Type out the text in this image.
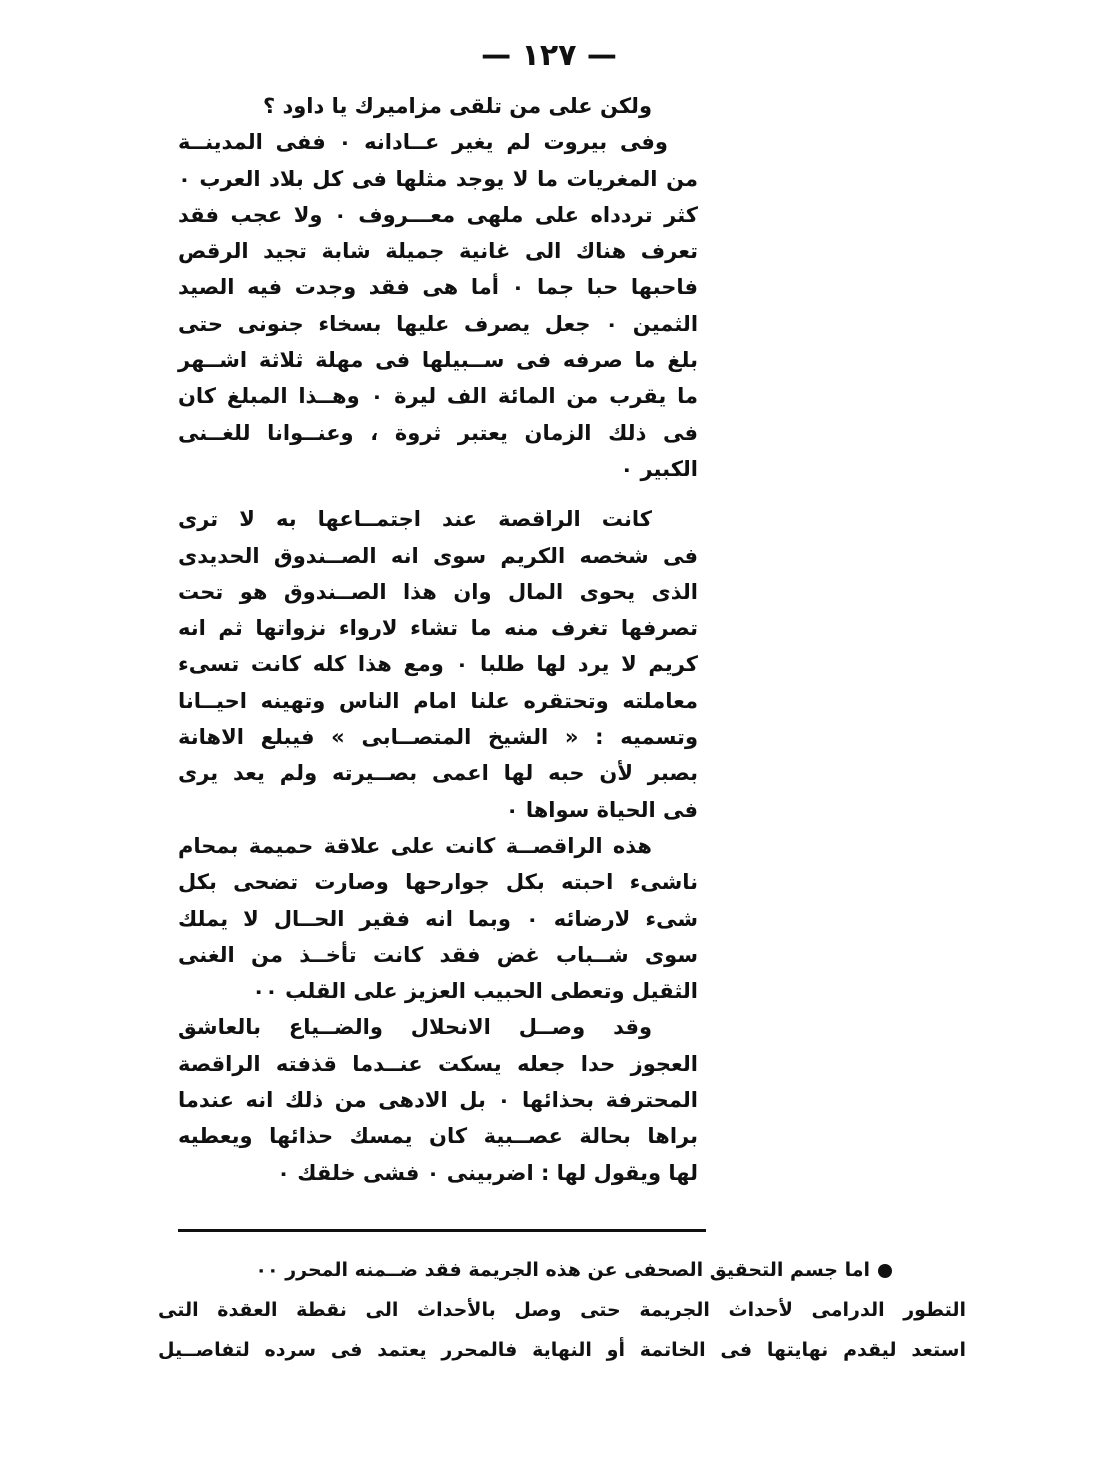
— ١٢٧ —
ولكن على من تلقى مزاميرك يا داود ؟
وفى بيروت لم يغير عــادانه ٠ ففى المدينــة
من المغريات ما لا يوجد مثلها فى كل بلاد العرب ٠
كثر تردداه على ملهى معـــروف ٠ ولا عجب فقد
تعرف هناك الى غانية جميلة شابة تجيد الرقص
فاحبها حبا جما ٠ أما هى فقد وجدت فيه الصيد
الثمين ٠ جعل يصرف عليها بسخاء جنونى حتى
بلغ ما صرفه فى ســبيلها فى مهلة ثلاثة اشــهر
ما يقرب من المائة الف ليرة ٠ وهــذا المبلغ كان
فى ذلك الزمان يعتبر ثروة ، وعنــوانا للغــنى
الكبير ٠
كانت الراقصة عند اجتمــاعها به لا ترى
فى شخصه الكريم سوى انه الصــندوق الحديدى
الذى يحوى المال وان هذا الصــندوق هو تحت
تصرفها تغرف منه ما تشاء لارواء نزواتها ثم انه
كريم لا يرد لها طلبا ٠ ومع هذا كله كانت تسىء
معاملته وتحتقره علنا امام الناس وتهينه احيــانا
وتسميه : « الشيخ المتصــابى » فيبلع الاهانة
بصبر لأن حبه لها اعمى بصــيرته ولم يعد يرى
فى الحياة سواها ٠
هذه الراقصــة كانت على علاقة حميمة بمحام
ناشىء احبته بكل جوارحها وصارت تضحى بكل
شىء لارضائه ٠ وبما انه فقير الحــال لا يملك
سوى شــباب غض فقد كانت تأخــذ من الغنى
الثقيل وتعطى الحبيب العزيز على القلب ٠٠
وقد وصــل الانحلال والضــياع بالعاشق
العجوز حدا جعله يسكت عنــدما قذفته الراقصة
المحترفة بحذائها ٠ بل الادهى من ذلك انه عندما
براها بحالة عصــبية كان يمسك حذائها ويعطيه
لها ويقول لها : اضربينى ٠ فشى خلقك ٠
اما جسم التحقيق الصحفى عن هذه الجريمة فقد ضــمنه المحرر ٠٠
التطور الدرامى لأحداث الجريمة حتى وصل بالأحداث الى نقطة العقدة التى
استعد ليقدم نهايتها فى الخاتمة أو النهاية فالمحرر يعتمد فى سرده لتفاصــيل
